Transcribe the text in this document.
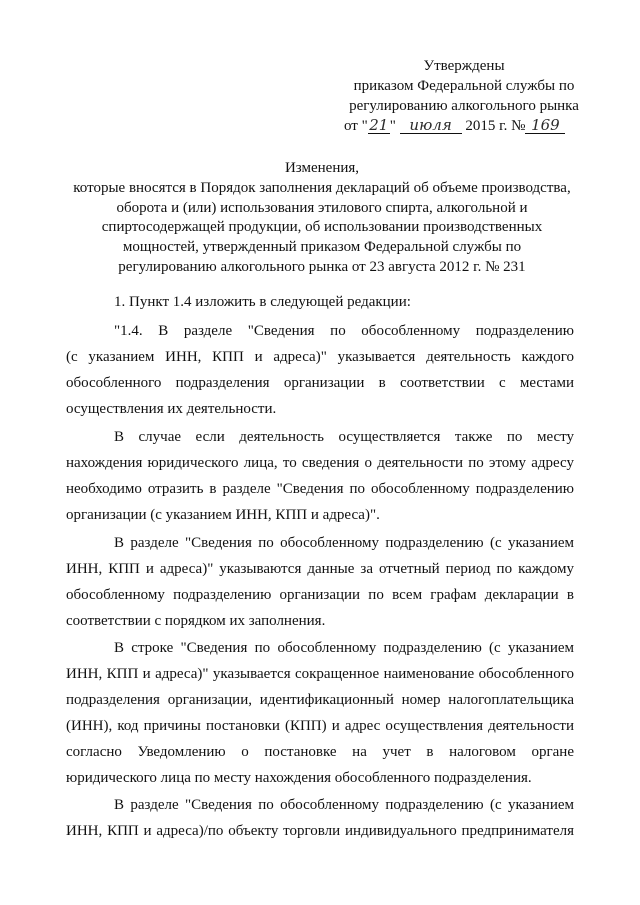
Утверждены
приказом Федеральной службы по
регулированию алкогольного рынка
от "21" июля 2015 г. № 169
Изменения,
которые вносятся в Порядок заполнения деклараций об объеме производства,
оборота и (или) использования этилового спирта, алкогольной и
спиртосодержащей продукции, об использовании производственных
мощностей, утвержденный приказом Федеральной службы по
регулированию алкогольного рынка от 23 августа 2012 г. № 231
1. Пункт 1.4 изложить в следующей редакции:
"1.4. В разделе "Сведения по обособленному подразделению
(с указанием ИНН, КПП и адреса)" указывается деятельность каждого
обособленного подразделения организации в соответствии с местами
осуществления их деятельности.
В случае если деятельность осуществляется также по месту
нахождения юридического лица, то сведения о деятельности по этому адресу
необходимо отразить в разделе "Сведения по обособленному подразделению
организации (с указанием ИНН, КПП и адреса)".
В разделе "Сведения по обособленному подразделению (с указанием
ИНН, КПП и адреса)" указываются данные за отчетный период по каждому
обособленному подразделению организации по всем графам декларации в
соответствии с порядком их заполнения.
В строке "Сведения по обособленному подразделению (с указанием
ИНН, КПП и адреса)" указывается сокращенное наименование обособленного
подразделения организации, идентификационный номер налогоплательщика
(ИНН), код причины постановки (КПП) и адрес осуществления деятельности
согласно Уведомлению о постановке на учет в налоговом органе
юридического лица по месту нахождения обособленного подразделения.
В разделе "Сведения по обособленному подразделению (с указанием
ИНН, КПП и адреса)/по объекту торговли индивидуального предпринимателя
